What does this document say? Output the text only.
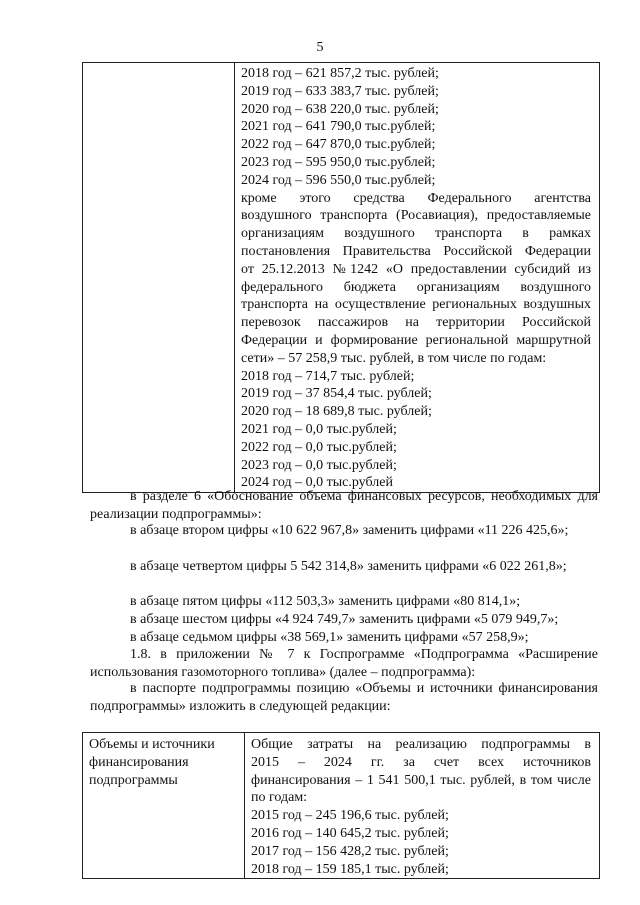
5

2018 год – 621 857,2 тыс. рублей;
2019 год – 633 383,7 тыс. рублей;
2020 год – 638 220,0 тыс. рублей;
2021 год – 641 790,0 тыс.рублей;
2022 год – 647 870,0 тыс.рублей;
2023 год – 595 950,0 тыс.рублей;
2024 год – 596 550,0 тыс.рублей;
кроме этого средства Федерального агентства
воздушного транспорта (Росавиация), предоставляемые
организациям воздушного транспорта в рамках
постановления Правительства Российской Федерации
от 25.12.2013 №1242 «О предоставлении субсидий из
федерального бюджета организациям воздушного
транспорта на осуществление региональных воздушных
перевозок пассажиров на территории Российской
Федерации и формирование региональной маршрутной
сети» – 57 258,9 тыс. рублей, в том числе по годам:
2018 год – 714,7 тыс. рублей;
2019 год – 37 854,4 тыс. рублей;
2020 год – 18 689,8 тыс. рублей;
2021 год – 0,0 тыс.рублей;
2022 год – 0,0 тыс.рублей;
2023 год – 0,0 тыс.рублей;
2024 год – 0,0 тыс.рублей
в разделе 6 «Обоснование объема финансовых ресурсов, необходимых для реализации подпрограммы»:
в абзаце втором цифры «10 622 967,8» заменить цифрами «11 226 425,6»;
в абзаце четвертом цифры 5 542 314,8» заменить цифрами «6 022 261,8»;
в абзаце пятом цифры «112 503,3» заменить цифрами «80 814,1»;
в абзаце шестом цифры «4 924 749,7» заменить цифрами «5 079 949,7»;
в абзаце седьмом цифры «38 569,1» заменить цифрами «57 258,9»;
1.8. в приложении № 7 к Госпрограмме «Подпрограмма «Расширение использования газомоторного топлива» (далее – подпрограмма):
в паспорте подпрограммы позицию «Объемы и источники финансирования подпрограммы» изложить в следующей редакции:
Объемы и источники финансирования подпрограммы

Общие затраты на реализацию подпрограммы в
2015 – 2024 гг. за счет всех источников
финансирования – 1 541 500,1 тыс. рублей, в том числе
по годам:
2015 год – 245 196,6 тыс. рублей;
2016 год – 140 645,2 тыс. рублей;
2017 год – 156 428,2 тыс. рублей;
2018 год – 159 185,1 тыс. рублей;
